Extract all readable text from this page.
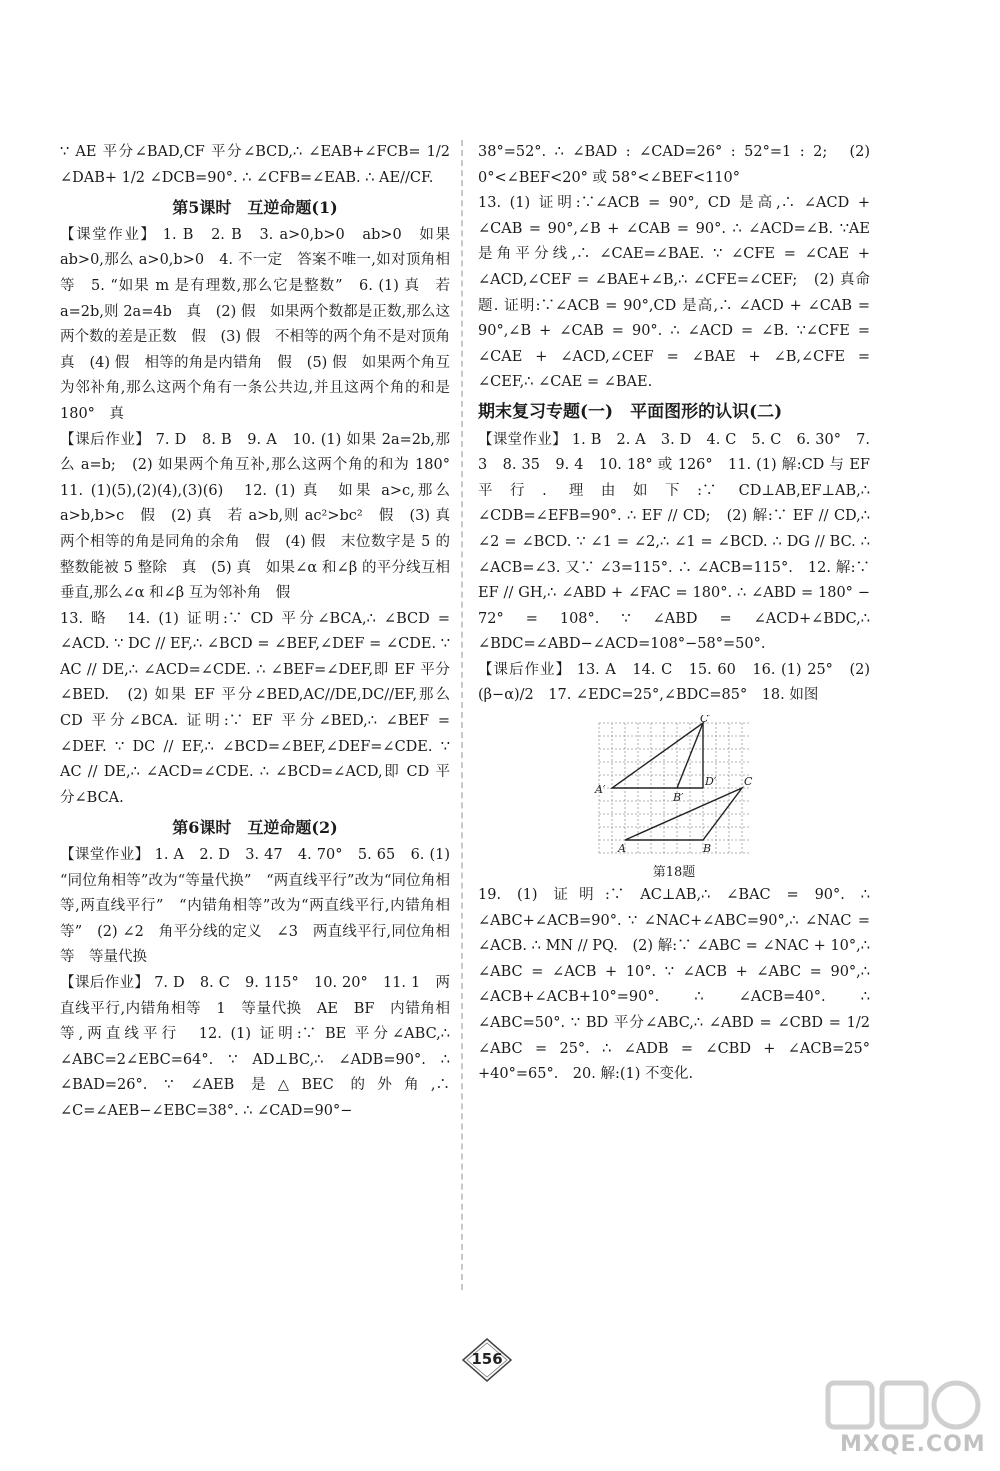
∵ AE 平分∠BAD,CF 平分∠BCD,∴ ∠EAB+∠FCB= 1/2 ∠DAB+ 1/2 ∠DCB=90°. ∴ ∠CFB=∠EAB. ∴ AE//CF.

第5课时　互逆命题(1)

【课堂作业】 1. B　2. B　3. a>0,b>0　ab>0　如果 ab>0,那么 a>0,b>0　4. 不一定　答案不唯一,如对顶角相等　5. “如果 m 是有理数,那么它是整数”　6. (1) 真　若 a=2b,则 2a=4b　真　(2) 假　如果两个数都是正数,那么这两个数的差是正数　假　(3) 假　不相等的两个角不是对顶角　真　(4) 假　相等的角是内错角　假　(5) 假　如果两个角互为邻补角,那么这两个角有一条公共边,并且这两个角的和是 180°　真

【课后作业】 7. D　8. B　9. A　10. (1) 如果 2a=2b,那么 a=b;　(2) 如果两个角互补,那么这两个角的和为 180°　11. (1)(5),(2)(4),(3)(6)　12. (1) 真　如果 a>c,那么 a>b,b>c　假　(2) 真　若 a>b,则 ac²>bc²　假　(3) 真　两个相等的角是同角的余角　假　(4) 假　末位数字是 5 的整数能被 5 整除　真　(5) 真　如果∠α 和∠β 的平分线互相垂直,那么∠α 和∠β 互为邻补角　假

13. 略　14. (1) 证明:∵ CD 平分∠BCA,∴ ∠BCD = ∠ACD. ∵ DC // EF,∴ ∠BCD = ∠BEF,∠DEF = ∠CDE. ∵ AC // DE,∴ ∠ACD=∠CDE. ∴ ∠BEF=∠DEF,即 EF 平分∠BED.　(2) 如果 EF 平分∠BED,AC//DE,DC//EF,那么 CD 平分∠BCA. 证明:∵ EF 平分∠BED,∴ ∠BEF = ∠DEF. ∵ DC // EF,∴ ∠BCD=∠BEF,∠DEF=∠CDE. ∵ AC // DE,∴ ∠ACD=∠CDE. ∴ ∠BCD=∠ACD,即 CD 平分∠BCA.

第6课时　互逆命题(2)

【课堂作业】 1. A　2. D　3. 47　4. 70°　5. 65　6. (1) “同位角相等”改为“等量代换”　“两直线平行”改为“同位角相等,两直线平行”　“内错角相等”改为“两直线平行,内错角相等”　(2) ∠2　角平分线的定义　∠3　两直线平行,同位角相等　等量代换

【课后作业】 7. D　8. C　9. 115°　10. 20°　11. 1　两直线平行,内错角相等　1　等量代换　AE　BF　内错角相等,两直线平行　12. (1) 证明:∵ BE 平分∠ABC,∴ ∠ABC=2∠EBC=64°. ∵ AD⊥BC,∴ ∠ADB=90°. ∴ ∠BAD=26°. ∵ ∠AEB 是△BEC 的外角,∴ ∠C=∠AEB−∠EBC=38°. ∴ ∠CAD=90°−

38°=52°. ∴ ∠BAD : ∠CAD=26° : 52°=1 : 2;　(2) 0°<∠BEF<20° 或 58°<∠BEF<110°

13. (1) 证明:∵∠ACB = 90°, CD 是高,∴ ∠ACD + ∠CAB = 90°,∠B + ∠CAB = 90°. ∴ ∠ACD=∠B. ∵AE 是角平分线,∴ ∠CAE=∠BAE. ∵ ∠CFE = ∠CAE + ∠ACD,∠CEF = ∠BAE+∠B,∴ ∠CFE=∠CEF;　(2) 真命题. 证明:∵∠ACB = 90°,CD 是高,∴ ∠ACD + ∠CAB = 90°,∠B + ∠CAB = 90°. ∴ ∠ACD = ∠B. ∵∠CFE = ∠CAE + ∠ACD,∠CEF = ∠BAE + ∠B,∠CFE = ∠CEF,∴ ∠CAE = ∠BAE.

期末复习专题(一)　平面图形的认识(二)

【课堂作业】 1. B　2. A　3. D　4. C　5. C　6. 30°　7. 3　8. 35　9. 4　10. 18° 或 126°　11. (1) 解:CD 与 EF 平行. 理由如下:∵ CD⊥AB,EF⊥AB,∴ ∠CDB=∠EFB=90°. ∴ EF // CD;　(2) 解:∵ EF // CD,∴ ∠2 = ∠BCD. ∵ ∠1 = ∠2,∴ ∠1 = ∠BCD. ∴ DG // BC. ∴ ∠ACB=∠3. 又∵ ∠3=115°. ∴ ∠ACB=115°.　12. 解:∵ EF // GH,∴ ∠ABD + ∠FAC = 180°. ∴ ∠ABD = 180° − 72° = 108°. ∵ ∠ABD = ∠ACD+∠BDC,∴ ∠BDC=∠ABD−∠ACD=108°−58°=50°.

【课后作业】 13. A　14. C　15. 60　16. (1) 25°　(2) (β−α)/2　17. ∠EDC=25°,∠BDC=85°　18. 如图

C′
D′
A′
B′
C
A	B
第18题

19. (1) 证明:∵ AC⊥AB,∴ ∠BAC = 90°. ∴ ∠ABC+∠ACB=90°. ∵ ∠NAC+∠ABC=90°,∴ ∠NAC = ∠ACB. ∴ MN // PQ.　(2) 解:∵ ∠ABC = ∠NAC + 10°,∴ ∠ABC = ∠ACB + 10°. ∵ ∠ACB + ∠ABC = 90°,∴ ∠ACB+∠ACB+10°=90°. ∴ ∠ACB=40°. ∴ ∠ABC=50°. ∵ BD 平分∠ABC,∴ ∠ABD = ∠CBD = 1/2 ∠ABC = 25°. ∴ ∠ADB = ∠CBD + ∠ACB=25°+40°=65°.　20. 解:(1) 不变化.

156
MXQE.COM
